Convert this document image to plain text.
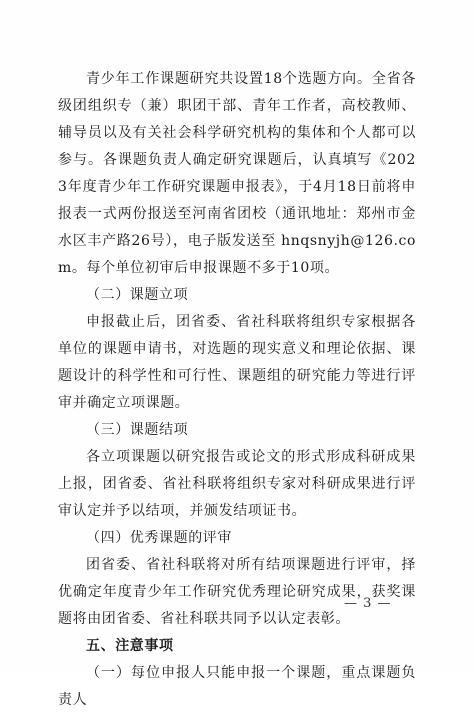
青少年工作课题研究共设置18个选题方向。全省各级团组织专（兼）职团干部、青年工作者，高校教师、辅导员以及有关社会科学研究机构的集体和个人都可以参与。各课题负责人确定研究课题后，认真填写《2023年度青少年工作研究课题申报表》，于4月18日前将申报表一式两份报送至河南省团校（通讯地址：郑州市金水区丰产路26号），电子版发送至 hnqsnyjh@126.com。每个单位初审后申报课题不多于10项。

（二）课题立项

申报截止后，团省委、省社科联将组织专家根据各单位的课题申请书，对选题的现实意义和理论依据、课题设计的科学性和可行性、课题组的研究能力等进行评审并确定立项课题。

（三）课题结项

各立项课题以研究报告或论文的形式形成科研成果上报，团省委、省社科联将组织专家对科研成果进行评审认定并予以结项，并颁发结项证书。

（四）优秀课题的评审

团省委、省社科联将对所有结项课题进行评审，择优确定年度青少年工作研究优秀理论研究成果，获奖课题将由团省委、省社科联共同予以认定表彰。

五、注意事项

（一）每位申报人只能申报一个课题，重点课题负责人

— 3 —
